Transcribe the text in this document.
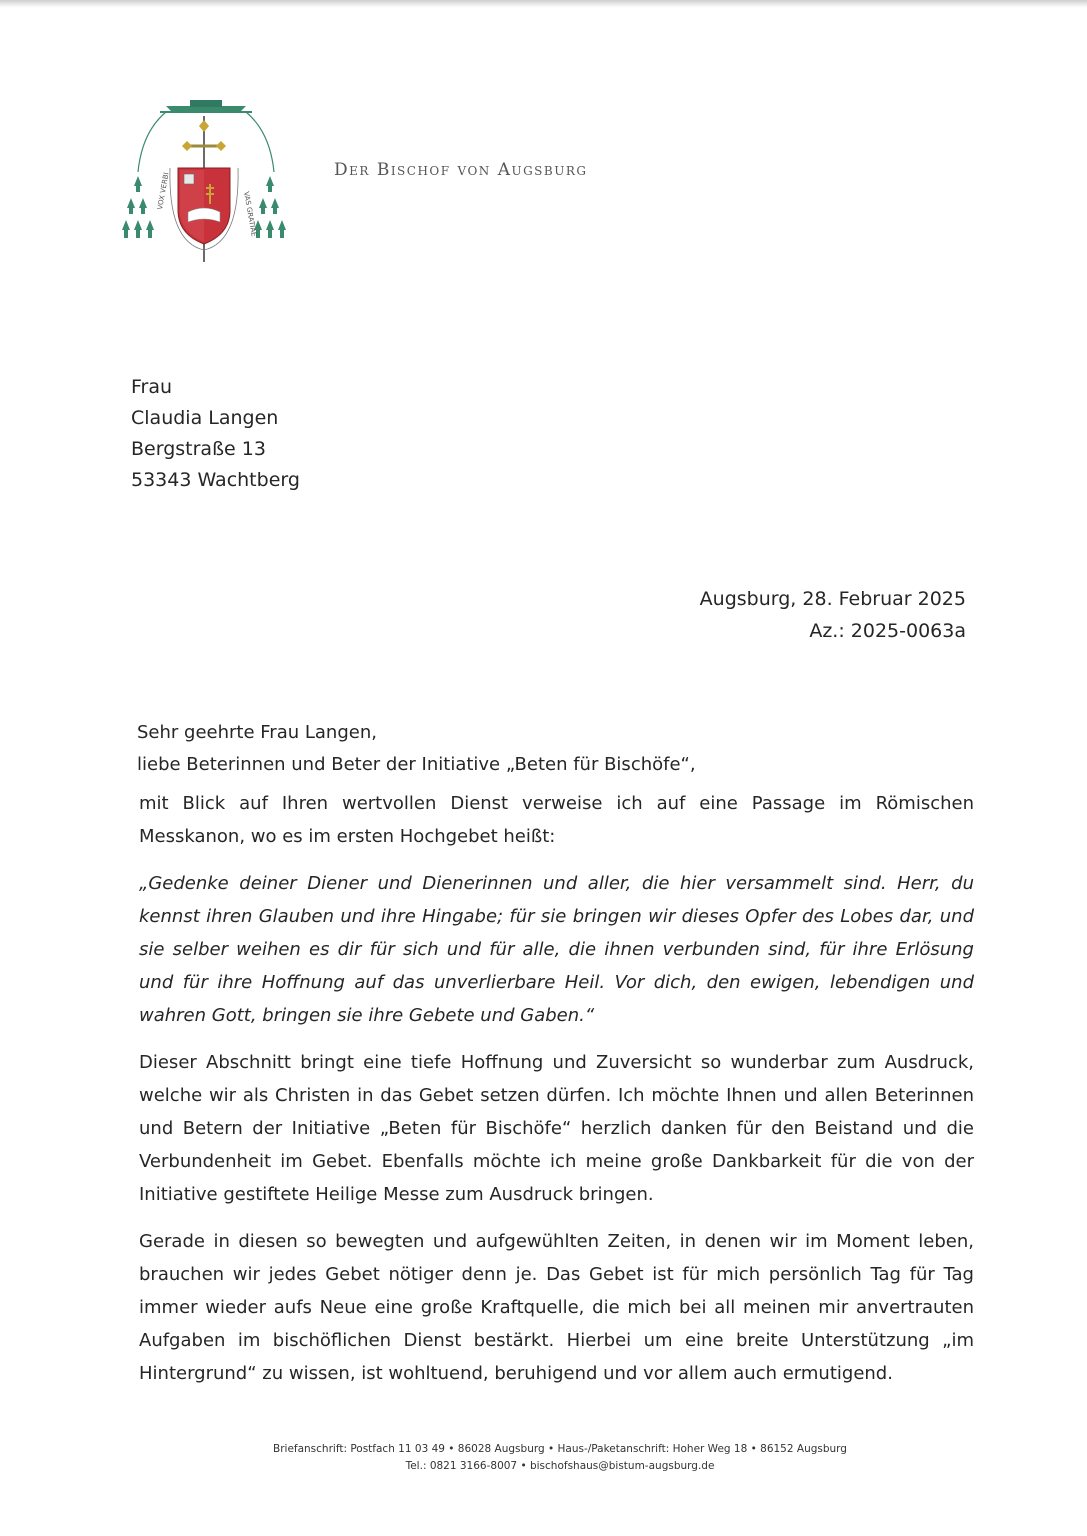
VOX VERBI	VAS GRATIAE
Der Bischof von Augsburg
Frau
Claudia Langen
Bergstraße 13
53343 Wachtberg
Augsburg, 28. Februar 2025
Az.: 2025-0063a
Sehr geehrte Frau Langen,
liebe Beterinnen und Beter der Initiative „Beten für Bischöfe“,

mit Blick auf Ihren wertvollen Dienst verweise ich auf eine Passage im Römischen Messkanon, wo es im ersten Hochgebet heißt:

„Gedenke deiner Diener und Dienerinnen und aller, die hier versammelt sind. Herr, du kennst ihren Glauben und ihre Hingabe; für sie bringen wir dieses Opfer des Lobes dar, und sie selber weihen es dir für sich und für alle, die ihnen verbunden sind, für ihre Erlösung und für ihre Hoffnung auf das unverlierbare Heil. Vor dich, den ewigen, lebendigen und wahren Gott, bringen sie ihre Gebete und Gaben.“

Dieser Abschnitt bringt eine tiefe Hoffnung und Zuversicht so wunderbar zum Ausdruck, welche wir als Christen in das Gebet setzen dürfen. Ich möchte Ihnen und allen Beterinnen und Betern der Initiative „Beten für Bischöfe“ herzlich danken für den Beistand und die Verbundenheit im Gebet. Ebenfalls möchte ich meine große Dankbarkeit für die von der Initiative gestiftete Heilige Messe zum Ausdruck bringen.

Gerade in diesen so bewegten und aufgewühlten Zeiten, in denen wir im Moment leben, brauchen wir jedes Gebet nötiger denn je. Das Gebet ist für mich persönlich Tag für Tag immer wieder aufs Neue eine große Kraftquelle, die mich bei all meinen mir anvertrauten Aufgaben im bischöflichen Dienst bestärkt. Hierbei um eine breite Unterstützung „im Hintergrund“ zu wissen, ist wohltuend, beruhigend und vor allem auch ermutigend.

Briefanschrift: Postfach 11 03 49 • 86028 Augsburg • Haus-/Paketanschrift: Hoher Weg 18 • 86152 Augsburg
Tel.: 0821 3166-8007 • bischofshaus@bistum-augsburg.de
